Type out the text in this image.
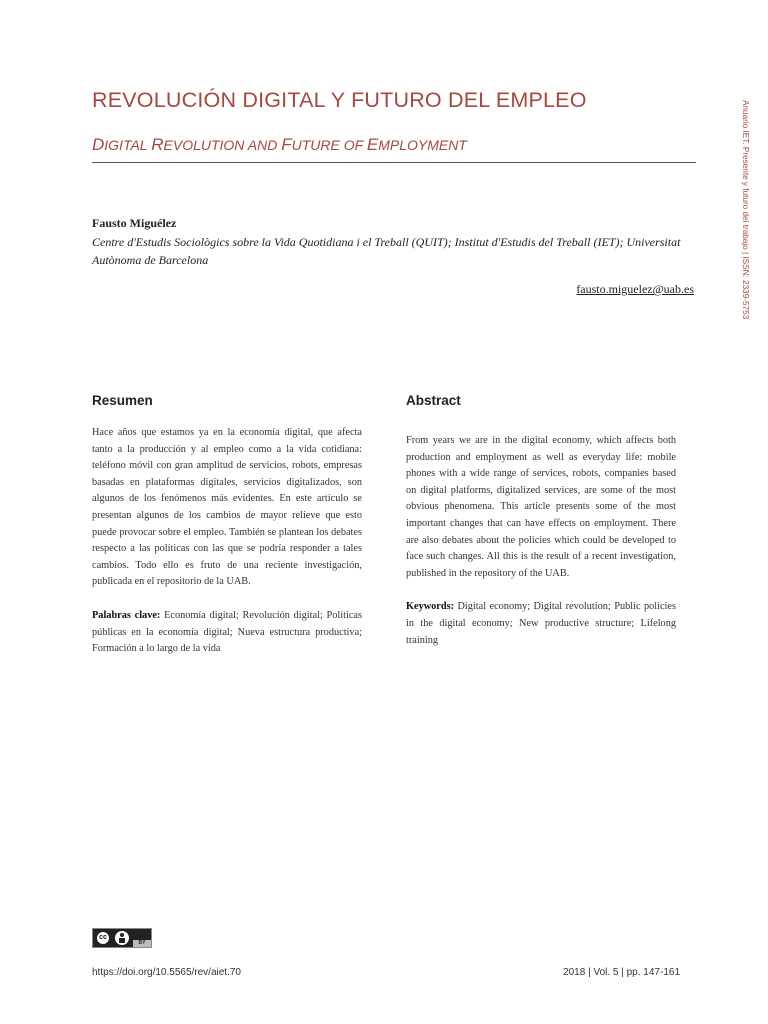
REVOLUCIÓN DIGITAL Y FUTURO DEL EMPLEO
DIGITAL REVOLUTION AND FUTURE OF EMPLOYMENT
Fausto Miguélez
Centre d'Estudis Sociològics sobre la Vida Quotidiana i el Treball (QUIT); Institut d'Estudis del Treball (IET); Universitat Autònoma de Barcelona
fausto.miguelez@uab.es	Anuario IET. Presente y futuro del trabajo | ISSN: 2339-5753
Resumen

Hace años que estamos ya en la economía digital, que afecta tanto a la producción y al empleo como a la vida cotidiana: teléfono móvil con gran amplitud de servicios, robots, empresas basadas en plataformas digitales, servicios digitalizados, son algunos de los fenómenos más evidentes. En este artículo se presentan algunos de los cambios de mayor relieve que esto puede provocar sobre el empleo. También se plantean los debates respecto a las políticas con las que se podría responder a tales cambios. Todo ello es fruto de una reciente investigación, publicada en el repositorio de la UAB.

Palabras clave: Economía digital; Revolución digital; Políticas públicas en la economía digital; Nueva estructura productiva; Formación a lo largo de la vida

Abstract

From years we are in the digital economy, which affects both production and employment as well as everyday life: mobile phones with a wide range of services, robots, companies based on digital platforms, digitalized services, are some of the most obvious phenomena. This article presents some of the most important changes that can have effects on employment. There are also debates about the policies which could be developed to face such changes. All this is the result of a recent investigation, published in the repository of the UAB.

Keywords: Digital economy; Digital revolution; Public policies in the digital economy; New productive structure; Lifelong training

cc
BY
https://doi.org/10.5565/rev/aiet.70	2018 | Vol. 5 | pp. 147-161
